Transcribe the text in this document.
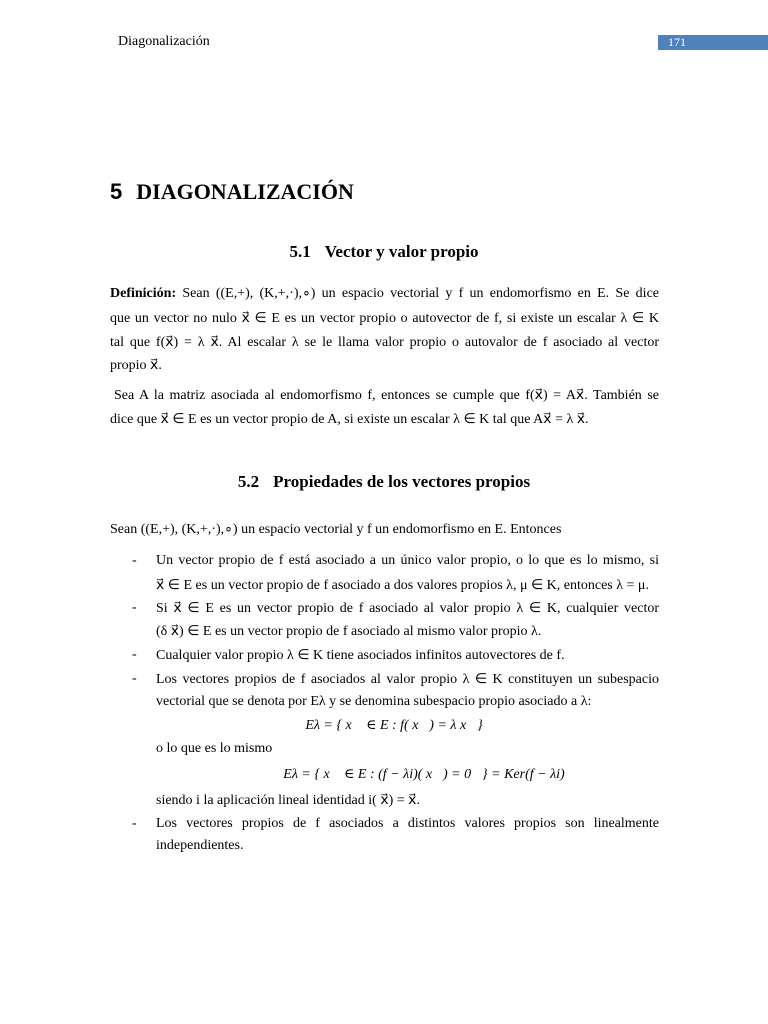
Diagonalización	171
5 DIAGONALIZACIÓN
5.1 Vector y valor propio
Definición: Sean ((E,+), (K,+,·),∘) un espacio vectorial y f un endomorfismo en E. Se dice
que un vector no nulo x⃗ ∈ E es un vector propio o autovector de f, si existe un escalar λ ∈ K
tal que f(x⃗) = λ x⃗. Al escalar λ se le llama valor propio o autovalor de f asociado al vector
propio x⃗.
Sea A la matriz asociada al endomorfismo f, entonces se cumple que f(x⃗) = Ax⃗. También se
dice que x⃗ ∈ E es un vector propio de A, si existe un escalar λ ∈ K tal que Ax⃗ = λ x⃗.
5.2 Propiedades de los vectores propios
Sean ((E,+), (K,+,·),∘) un espacio vectorial y f un endomorfismo en E. Entonces
- Un vector propio de f está asociado a un único valor propio, o lo que es lo mismo, si
x⃗ ∈ E es un vector propio de f asociado a dos valores propios λ, μ ∈ K, entonces λ = μ.
- Si x⃗ ∈ E es un vector propio de f asociado al valor propio λ ∈ K, cualquier vector
(δ x⃗) ∈ E es un vector propio de f asociado al mismo valor propio λ.
- Cualquier valor propio λ ∈ K tiene asociados infinitos autovectores de f.
- Los vectores propios de f asociados al valor propio λ ∈ K constituyen un subespacio
vectorial que se denota por Eλ y se denomina subespacio propio asociado a λ:
Eλ = { x⃗ ∈ E : f( x⃗) = λ x⃗}
o lo que es lo mismo
Eλ = { x⃗ ∈ E : (f − λi)( x⃗) = 0⃗} = Ker(f − λi)
siendo i la aplicación lineal identidad i( x⃗) = x⃗.
- Los vectores propios de f asociados a distintos valores propios son linealmente
independientes.
